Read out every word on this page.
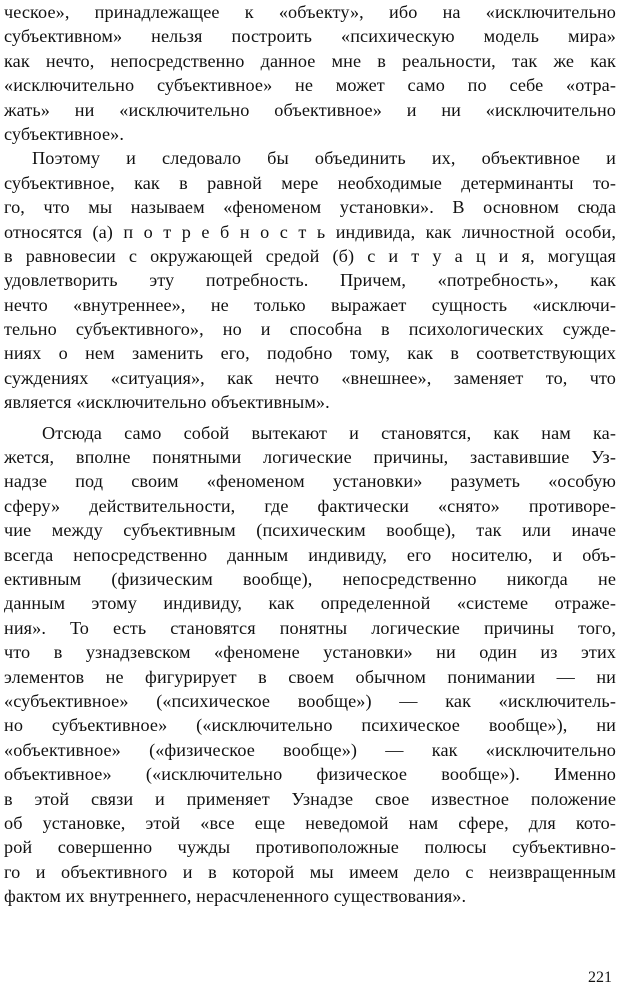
ческое», принадлежащее к «объекту», ибо на «исключительно
субъективном» нельзя построить «психическую модель мира»
как нечто, непосредственно данное мне в реальности, так же как
«исключительно субъективное» не может само по себе «отра-
жать» ни «исключительно объективное» и ни «исключительно
субъективное».
Поэтому и следовало бы объединить их, объективное и
субъективное, как в равной мере необходимые детерминанты то-
го, что мы называем «феноменом установки». В основном сюда
относятся (а) п о т р е б н о с т ь индивида, как личностной особи,
в равновесии с окружающей средой (б) с и т у а ц и я, могущая
удовлетворить эту потребность. Причем, «потребность», как
нечто «внутреннее», не только выражает сущность «исключи-
тельно субъективного», но и способна в психологических сужде-
ниях о нем заменить его, подобно тому, как в соответствующих
суждениях «ситуация», как нечто «внешнее», заменяет то, что
является «исключительно объективным».
Отсюда само собой вытекают и становятся, как нам ка-
жется, вполне понятными логические причины, заставившие Уз-
надзе под своим «феноменом установки» разуметь «особую
сферу» действительности, где фактически «снято» противоре-
чие между субъективным (психическим вообще), так или иначе
всегда непосредственно данным индивиду, его носителю, и объ-
ективным (физическим вообще), непосредственно никогда не
данным этому индивиду, как определенной «системе отраже-
ния». То есть становятся понятны логические причины того,
что в узнадзевском «феномене установки» ни один из этих
элементов не фигурирует в своем обычном понимании — ни
«субъективное» («психическое вообще») — как «исключитель-
но субъективное» («исключительно психическое вообще»), ни
«объективное» («физическое вообще») — как «исключительно
объективное» («исключительно физическое вообще»). Именно
в этой связи и применяет Узнадзе свое известное положение
об установке, этой «все еще неведомой нам сфере, для кото-
рой совершенно чужды противоположные полюсы субъективно-
го и объективного и в которой мы имеем дело с неизвращенным
фактом их внутреннего, нерасчлененного существования».
221
